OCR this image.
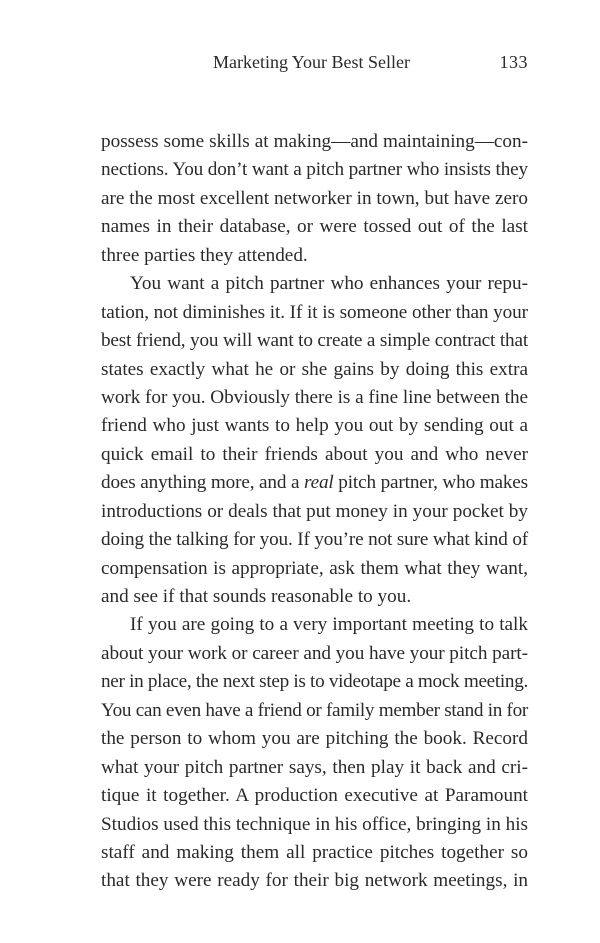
Marketing Your Best Seller	133
possess some skills at making—and maintaining—con-
nections. You don’t want a pitch partner who insists they
are the most excellent networker in town, but have zero
names in their database, or were tossed out of the last
three parties they attended.
You want a pitch partner who enhances your repu-
tation, not diminishes it. If it is someone other than your
best friend, you will want to create a simple contract that
states exactly what he or she gains by doing this extra
work for you. Obviously there is a fine line between the
friend who just wants to help you out by sending out a
quick email to their friends about you and who never
does anything more, and a real pitch partner, who makes
introductions or deals that put money in your pocket by
doing the talking for you. If you’re not sure what kind of
compensation is appropriate, ask them what they want,
and see if that sounds reasonable to you.
If you are going to a very important meeting to talk
about your work or career and you have your pitch part-
ner in place, the next step is to videotape a mock meeting.
You can even have a friend or family member stand in for
the person to whom you are pitching the book. Record
what your pitch partner says, then play it back and cri-
tique it together. A production executive at Paramount
Studios used this technique in his office, bringing in his
staff and making them all practice pitches together so
that they were ready for their big network meetings, in
